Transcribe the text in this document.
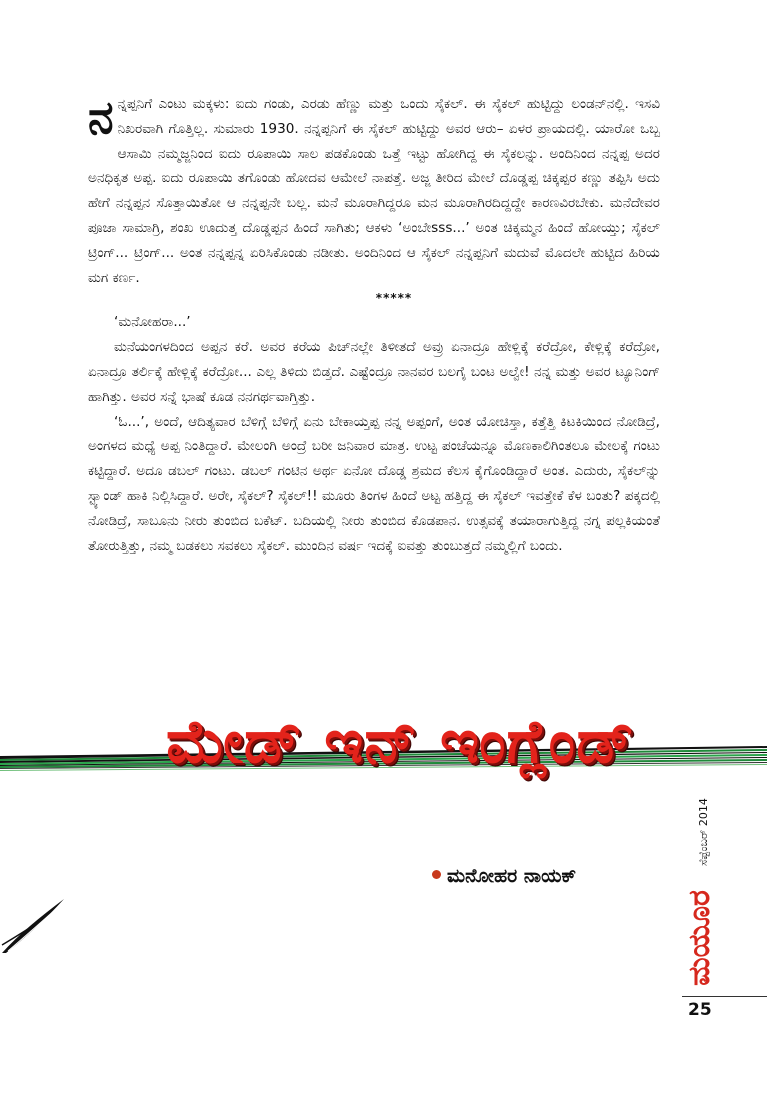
ನನ್ನಪ್ಪನಿಗೆ ಎಂಟು ಮಕ್ಕಳು: ಐದು ಗಂಡು, ಎರಡು ಹೆಣ್ಣು ಮತ್ತು ಒಂದು ಸೈಕಲ್. ಈ ಸೈಕಲ್ ಹುಟ್ಟಿದ್ದು ಲಂಡನ್‌ನಲ್ಲಿ. ಇಸವಿ ನಿಖರವಾಗಿ ಗೊತ್ತಿಲ್ಲ. ಸುಮಾರು 1930. ನನ್ನಪ್ಪನಿಗೆ ಈ ಸೈಕಲ್ ಹುಟ್ಟಿದ್ದು ಅವರ ಆರು– ಏಳರ ಪ್ರಾಯದಲ್ಲಿ. ಯಾರೋ ಒಬ್ಬ ಆಸಾಮಿ ನಮ್ಮಜ್ಜನಿಂದ ಐದು ರೂಪಾಯಿ ಸಾಲ ಪಡಕೊಂಡು ಒತ್ತೆ ಇಟ್ಟು ಹೋಗಿದ್ದ ಈ ಸೈಕಲನ್ನು. ಅಂದಿನಿಂದ ನನ್ನಪ್ಪ ಅದರ ಅನಧಿಕೃತ ಅಪ್ಪ. ಐದು ರೂಪಾಯಿ ತಗೊಂಡು ಹೋದವ ಆಮೇಲೆ ನಾಪತ್ತೆ. ಅಜ್ಜ ತೀರಿದ ಮೇಲೆ ದೊಡ್ಡಪ್ಪ ಚಿಕ್ಕಪ್ಪರ ಕಣ್ಣು ತಪ್ಪಿಸಿ ಅದು ಹೇಗೆ ನನ್ನಪ್ಪನ ಸೊತ್ತಾಯಿತೋ ಆ ನನ್ನಪ್ಪನೇ ಬಲ್ಲ. ಮನೆ ಮೂರಾಗಿದ್ದರೂ ಮನ ಮೂರಾಗಿರದಿದ್ದದ್ದೇ ಕಾರಣವಿರಬೇಕು. ಮನೆದೇವರ ಪೂಜಾ ಸಾಮಾಗ್ರಿ, ಶಂಖ ಊದುತ್ತ ದೊಡ್ಡಪ್ಪನ ಹಿಂದೆ ಸಾಗಿತು; ಆಕಳು ‘ಅಂಬೇsss...’ ಅಂತ ಚಿಕ್ಕಮ್ಮನ ಹಿಂದೆ ಹೋಯ್ತು; ಸೈಕಲ್ ಟ್ರಿಂಗ್... ಟ್ರಿಂಗ್... ಅಂತ ನನ್ನಪ್ಪನ್ನ ಏರಿಸಿಕೊಂಡು ನಡೀತು. ಅಂದಿನಿಂದ ಆ ಸೈಕಲ್ ನನ್ನಪ್ಪನಿಗೆ ಮದುವೆ ಮೊದಲೇ ಹುಟ್ಟಿದ ಹಿರಿಯ ಮಗ ಕರ್ಣ.

*****

‘ಮನೋಹರಾ...’

ಮನೆಯಂಗಳದಿಂದ ಅಪ್ಪನ ಕರೆ. ಅವರ ಕರೆಯ ಪಿಚ್‌ನಲ್ಲೇ ತಿಳೀತದೆ ಅವ್ರು ಏನಾದ್ರೂ ಹೇಳ್ಲಿಕ್ಕೆ ಕರೆದ್ರೋ, ಕೇಳ್ಲಿಕ್ಕೆ ಕರೆದ್ರೋ, ಏನಾದ್ರೂ ತರ್ಲಿಕ್ಕೆ ಹೇಳ್ಲಿಕ್ಕೆ ಕರೆದ್ರೋ... ಎಲ್ಲ ತಿಳಿದು ಬಿಡ್ತದೆ. ಎಷ್ಟೆಂದ್ರೂ ನಾನವರ ಬಲಗೈ ಬಂಟ ಅಲ್ವೇ! ನನ್ನ ಮತ್ತು ಅವರ ಟ್ಯೂನಿಂಗ್ ಹಾಗಿತ್ತು. ಅವರ ಸನ್ನೆ ಭಾಷೆ ಕೂಡ ನನಗರ್ಥವಾಗ್ತಿತ್ತು.

‘ಓ...’, ಅಂದೆ, ಆದಿತ್ಯವಾರ ಬೆಳಿಗ್ಗೆ ಬೆಳಿಗ್ಗೆ ಏನು ಬೇಕಾಯ್ತಪ್ಪ ನನ್ನ ಅಪ್ಪಂಗೆ, ಅಂತ ಯೋಚಿಸ್ತಾ, ಕತ್ತೆತ್ತಿ ಕಿಟಕಿಯಿಂದ ನೋಡಿದ್ರೆ, ಅಂಗಳದ ಮಧ್ಯೆ ಅಪ್ಪ ನಿಂತಿದ್ದಾರೆ. ಮೇಲಂಗಿ ಅಂದ್ರೆ ಬರೀ ಜನಿವಾರ ಮಾತ್ರ. ಉಟ್ಟ ಪಂಚೆಯನ್ನೂ ಮೊಣಕಾಲಿಗಿಂತಲೂ ಮೇಲಕ್ಕೆ ಗಂಟು ಕಟ್ಟಿದ್ದಾರೆ. ಅದೂ ಡಬಲ್ ಗಂಟು. ಡಬಲ್ ಗಂಟಿನ ಅರ್ಥ ಏನೋ ದೊಡ್ಡ ಶ್ರಮದ ಕೆಲಸ ಕೈಗೊಂಡಿದ್ದಾರೆ ಅಂತ. ಎದುರು, ಸೈಕಲ್‌ನ್ನು ಸ್ಟ್ಯಾಂಡ್ ಹಾಕಿ ನಿಲ್ಲಿಸಿದ್ದಾರೆ. ಅರೇ, ಸೈಕಲ್? ಸೈಕಲ್!! ಮೂರು ತಿಂಗಳ ಹಿಂದೆ ಅಟ್ಟ ಹತ್ತಿದ್ದ ಈ ಸೈಕಲ್ ಇವತ್ತೇಕೆ ಕೆಳ ಬಂತು? ಪಕ್ಕದಲ್ಲಿ ನೋಡಿದ್ರೆ, ಸಾಬೂನು ನೀರು ತುಂಬಿದ ಬಕೆಟ್. ಬದಿಯಲ್ಲಿ ನೀರು ತುಂಬಿದ ಕೊಡಪಾನ. ಉತ್ಸವಕ್ಕೆ ತಯಾರಾಗುತ್ತಿದ್ದ ನಗ್ನ ಪಲ್ಲಕಿಯಂತೆ ತೋರುತ್ತಿತ್ತು, ನಮ್ಮ ಬಡಕಲು ಸವಕಲು ಸೈಕಲ್. ಮುಂದಿನ ವರ್ಷ ಇದಕ್ಕೆ ಐವತ್ತು ತುಂಬುತ್ತದೆ ನಮ್ಮಲ್ಲಿಗೆ ಬಂದು.

ಮೇಡ್ ಇನ್ ಇಂಗ್ಲೆಂಡ್
ಸೆಪ್ಟೆಂಬರ್ 2014
ಮಯೂರ
ಮನೋಹರ ನಾಯಕ್
25
